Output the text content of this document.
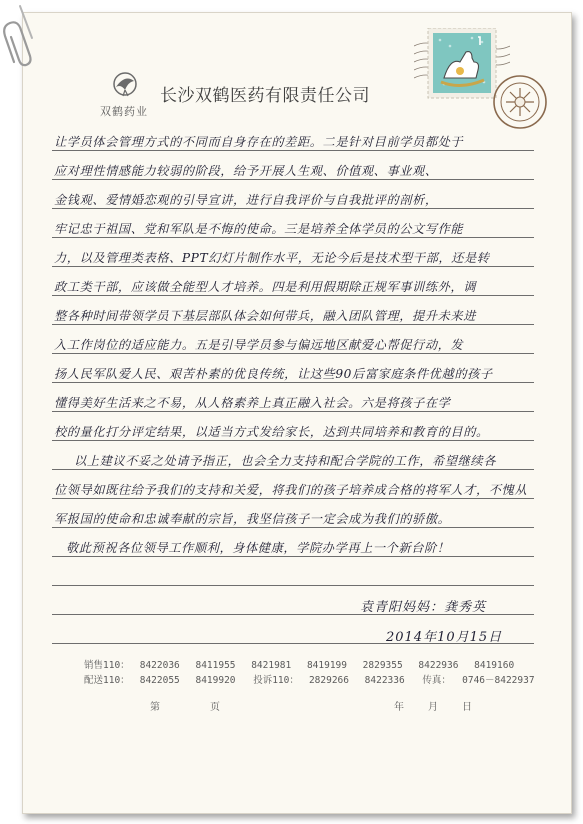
双鹤药业
长沙双鹤医药有限责任公司
让学员体会管理方式的不同而自身存在的差距。二是针对目前学员都处于
应对理性情感能力较弱的阶段，给予开展人生观、价值观、事业观、
金钱观、爱情婚恋观的引导宣讲，进行自我评价与自我批评的剖析，
牢记忠于祖国、党和军队是不悔的使命。三是培养全体学员的公文写作能
力，以及管理类表格、PPT幻灯片制作水平，无论今后是技术型干部，还是转
政工类干部，应该做全能型人才培养。四是利用假期除正规军事训练外，调
整各种时间带领学员下基层部队体会如何带兵，融入团队管理，提升未来进
入工作岗位的适应能力。五是引导学员参与偏远地区献爱心帮促行动，发
扬人民军队爱人民、艰苦朴素的优良传统，让这些90后富家庭条件优越的孩子
懂得美好生活来之不易，从人格素养上真正融入社会。六是将孩子在学
校的量化打分评定结果，以适当方式发给家长，达到共同培养和教育的目的。
以上建议不妥之处请予指正，也会全力支持和配合学院的工作，希望继续各
位领导如既往给予我们的支持和关爱，将我们的孩子培养成合格的将军人才，不愧从
军报国的使命和忠诚奉献的宗旨，我坚信孩子一定会成为我们的骄傲。
敬此预祝各位领导工作顺利，身体健康，学院办学再上一个新台阶！
袁青阳妈妈：龚秀英
2014年10月15日
销售110： 8422036 8411955 8421981 8419199 2829355 8422936 8419160
配送110： 8422055 8419920 投诉110： 2829266 8422336 传真： 0746－8422937
第	页	年 月 日
